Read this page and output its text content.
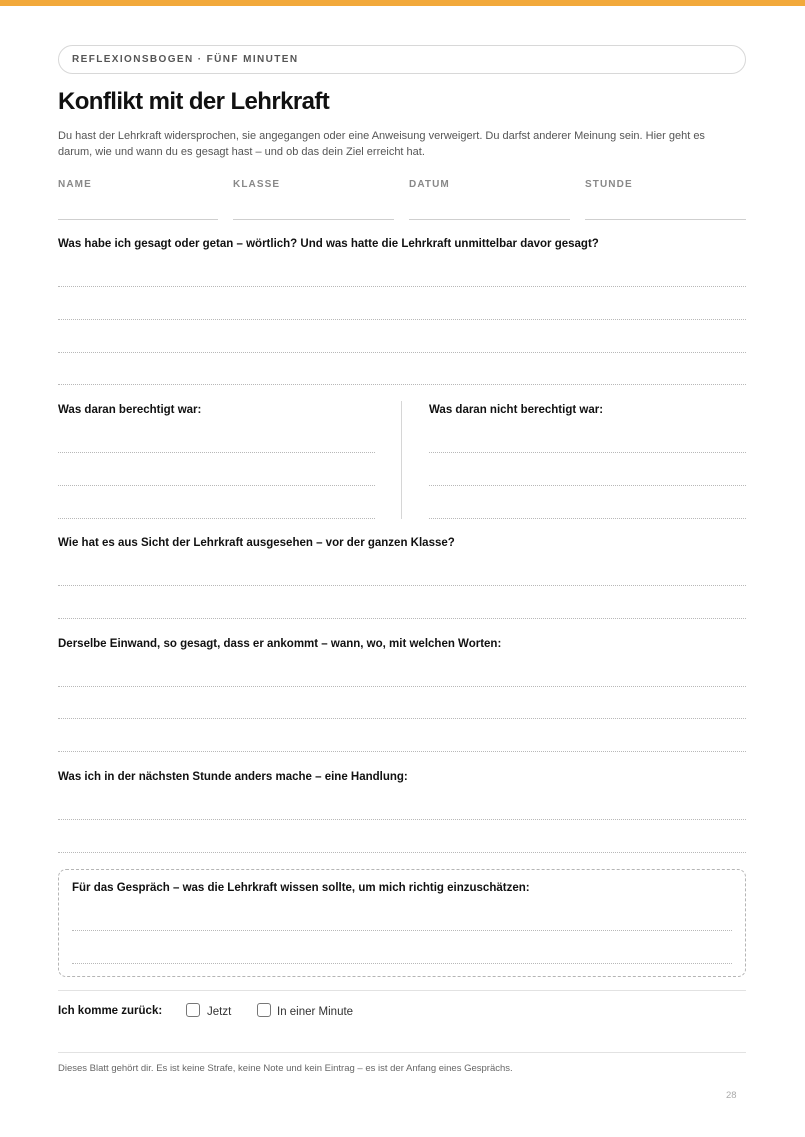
REFLEXIONSBOGEN · FÜNF MINUTEN
Konflikt mit der Lehrkraft
Du hast der Lehrkraft widersprochen, sie angegangen oder eine Anweisung verweigert. Du darfst anderer Meinung sein. Hier geht es darum, wie und wann du es gesagt hast – und ob das dein Ziel erreicht hat.
NAME	KLASSE	DATUM	STUNDE

Was habe ich gesagt oder getan – wörtlich? Und was hatte die Lehrkraft unmittelbar davor gesagt?

Was daran berechtigt war:	Was daran nicht berechtigt war:

Wie hat es aus Sicht der Lehrkraft ausgesehen – vor der ganzen Klasse?

Derselbe Einwand, so gesagt, dass er ankommt – wann, wo, mit welchen Worten:

Was ich in der nächsten Stunde anders mache – eine Handlung:

Für das Gespräch – was die Lehrkraft wissen sollte, um mich richtig einzuschätzen:

Ich komme zurück:	Jetzt	In einer Minute
Dieses Blatt gehört dir. Es ist keine Strafe, keine Note und kein Eintrag – es ist der Anfang eines Gesprächs.
28
